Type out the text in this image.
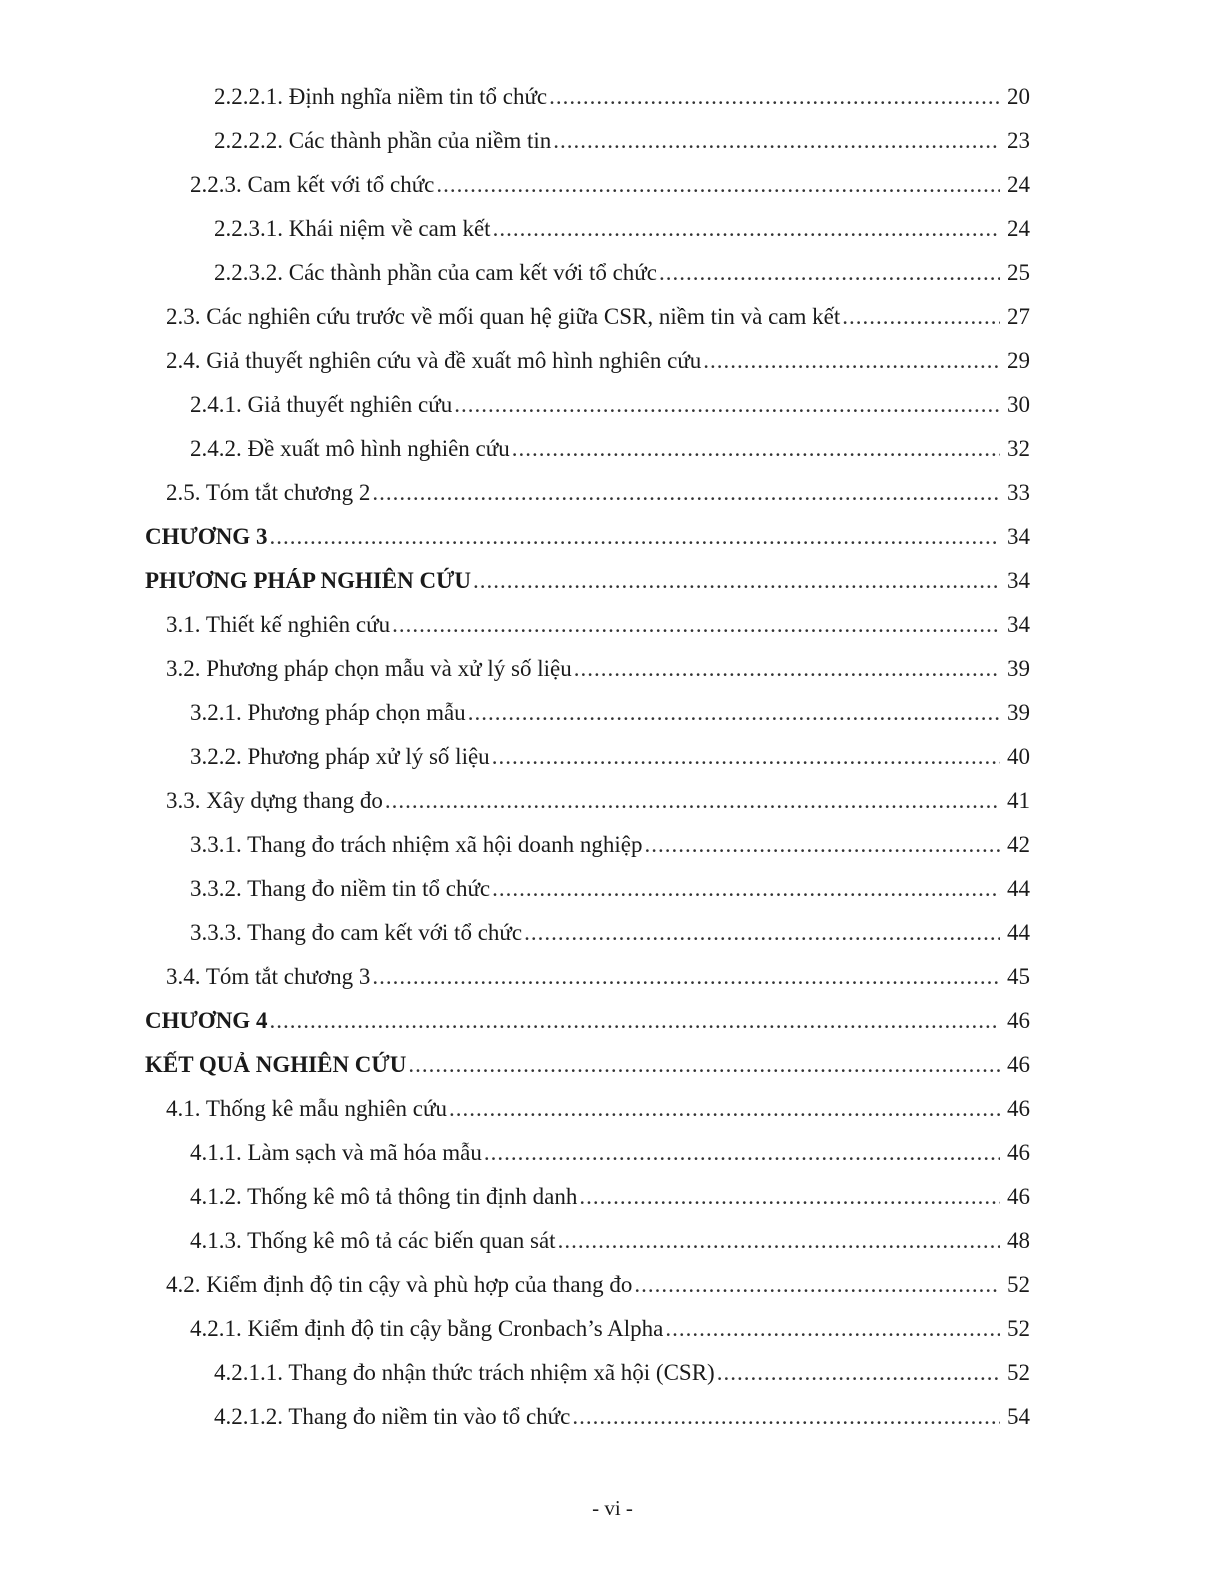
2.2.2.1. Định nghĩa niềm tin tổ chức .....	20
2.2.2.2. Các thành phần của niềm tin .....	23
2.2.3. Cam kết với tổ chức .....	24
2.2.3.1. Khái niệm về cam kết .....	24
2.2.3.2. Các thành phần của cam kết với tổ chức .....	25
2.3. Các nghiên cứu trước về mối quan hệ giữa CSR, niềm tin và cam kết .....	27
2.4. Giả thuyết nghiên cứu và đề xuất mô hình nghiên cứu .....	29
2.4.1. Giả thuyết nghiên cứu .....	30
2.4.2. Đề xuất mô hình nghiên cứu .....	32
2.5. Tóm tắt chương 2 .....	33
CHƯƠNG 3 .....	34
PHƯƠNG PHÁP NGHIÊN CỨU .....	34
3.1. Thiết kế nghiên cứu .....	34
3.2. Phương pháp chọn mẫu và xử lý số liệu .....	39
3.2.1. Phương pháp chọn mẫu .....	39
3.2.2. Phương pháp xử lý số liệu .....	40
3.3. Xây dựng thang đo .....	41
3.3.1. Thang đo trách nhiệm xã hội doanh nghiệp .....	42
3.3.2. Thang đo niềm tin tổ chức .....	44
3.3.3. Thang đo cam kết với tổ chức .....	44
3.4. Tóm tắt chương 3 .....	45
CHƯƠNG 4 .....	46
KẾT QUẢ NGHIÊN CỨU .....	46
4.1. Thống kê mẫu nghiên cứu .....	46
4.1.1. Làm sạch và mã hóa mẫu .....	46
4.1.2. Thống kê mô tả thông tin định danh .....	46
4.1.3. Thống kê mô tả các biến quan sát .....	48
4.2. Kiểm định độ tin cậy và phù hợp của thang đo .....	52
4.2.1. Kiểm định độ tin cậy bằng Cronbach’s Alpha .....	52
4.2.1.1. Thang đo nhận thức trách nhiệm xã hội (CSR) .....	52
4.2.1.2. Thang đo niềm tin vào tổ chức .....	54
- vi -
